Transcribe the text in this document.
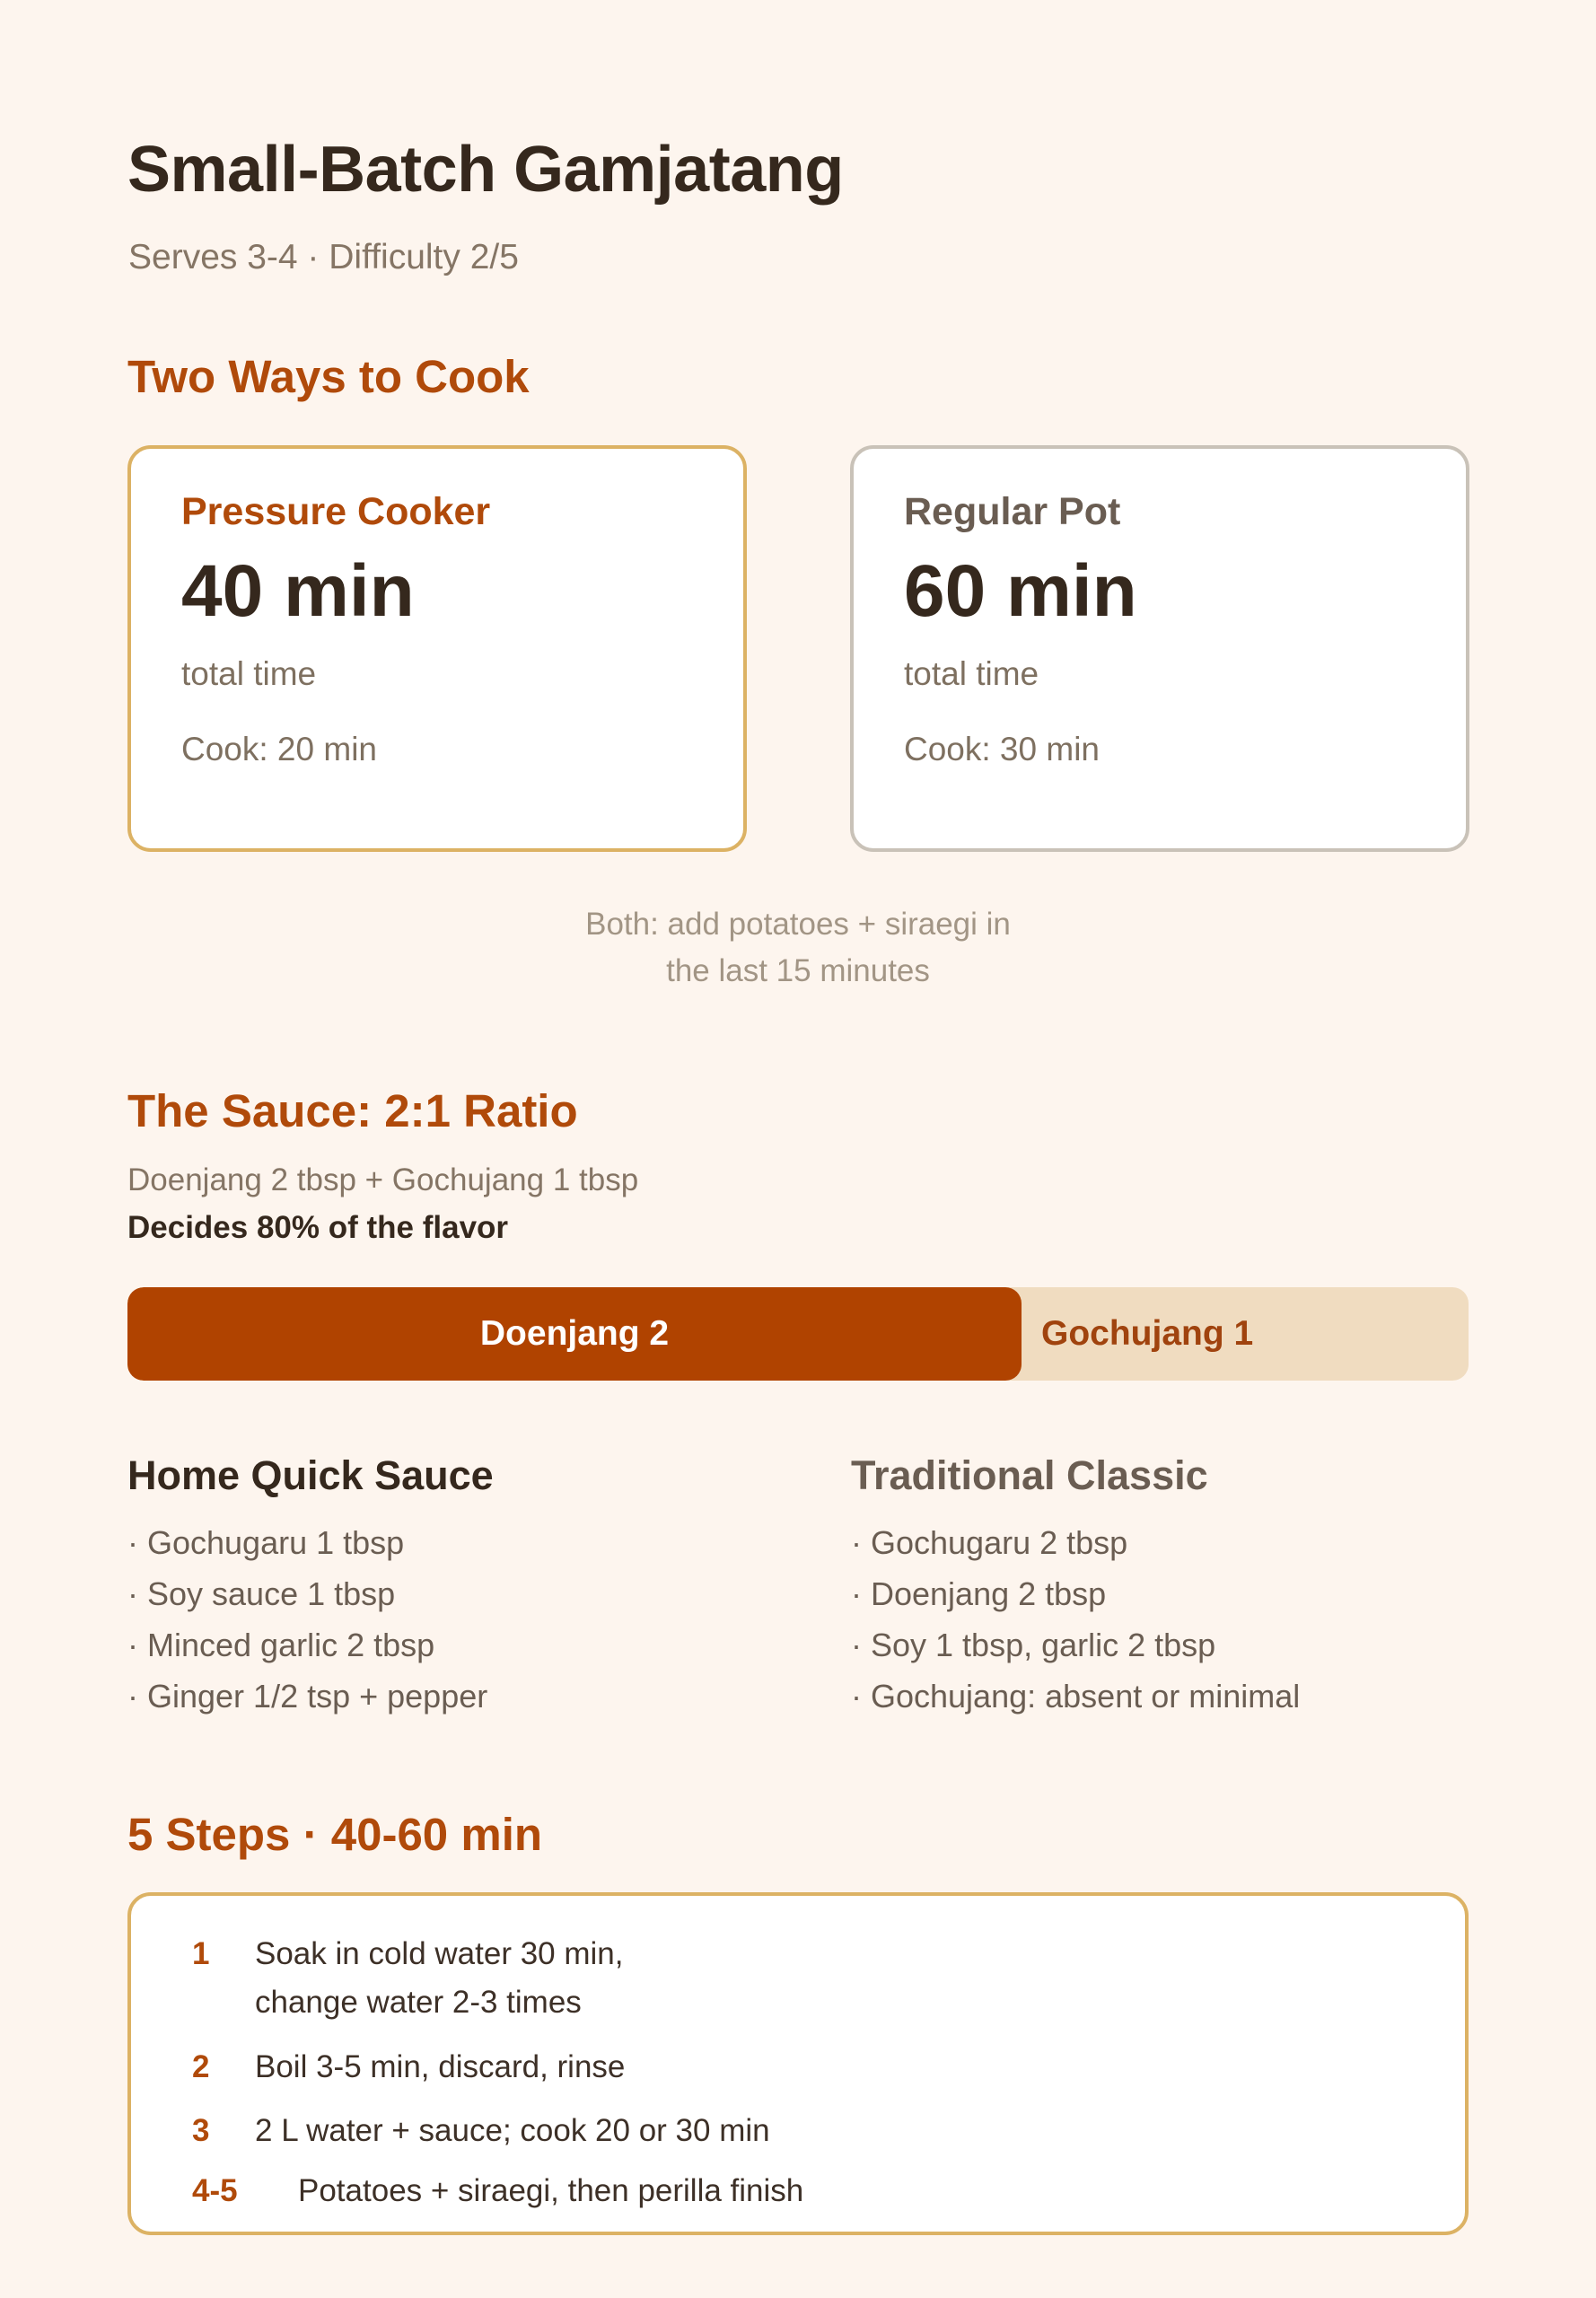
Small-Batch Gamjatang
Serves 3-4 · Difficulty 2/5
Two Ways to Cook
Pressure Cooker
40 min
total time
Cook: 20 min
Regular Pot
60 min
total time
Cook: 30 min
Both: add potatoes + siraegi in
the last 15 minutes
The Sauce: 2:1 Ratio
Doenjang 2 tbsp + Gochujang 1 tbsp
Decides 80% of the flavor
Doenjang 2	Gochujang 1
Home Quick Sauce
· Gochugaru 1 tbsp
· Soy sauce 1 tbsp
· Minced garlic 2 tbsp
· Ginger 1/2 tsp + pepper
Traditional Classic
· Gochugaru 2 tbsp
· Doenjang 2 tbsp
· Soy 1 tbsp, garlic 2 tbsp
· Gochujang: absent or minimal
5 Steps · 40-60 min
1 Soak in cold water 30 min,
change water 2-3 times
2 Boil 3-5 min, discard, rinse
3 2 L water + sauce; cook 20 or 30 min
4-5 Potatoes + siraegi, then perilla finish
